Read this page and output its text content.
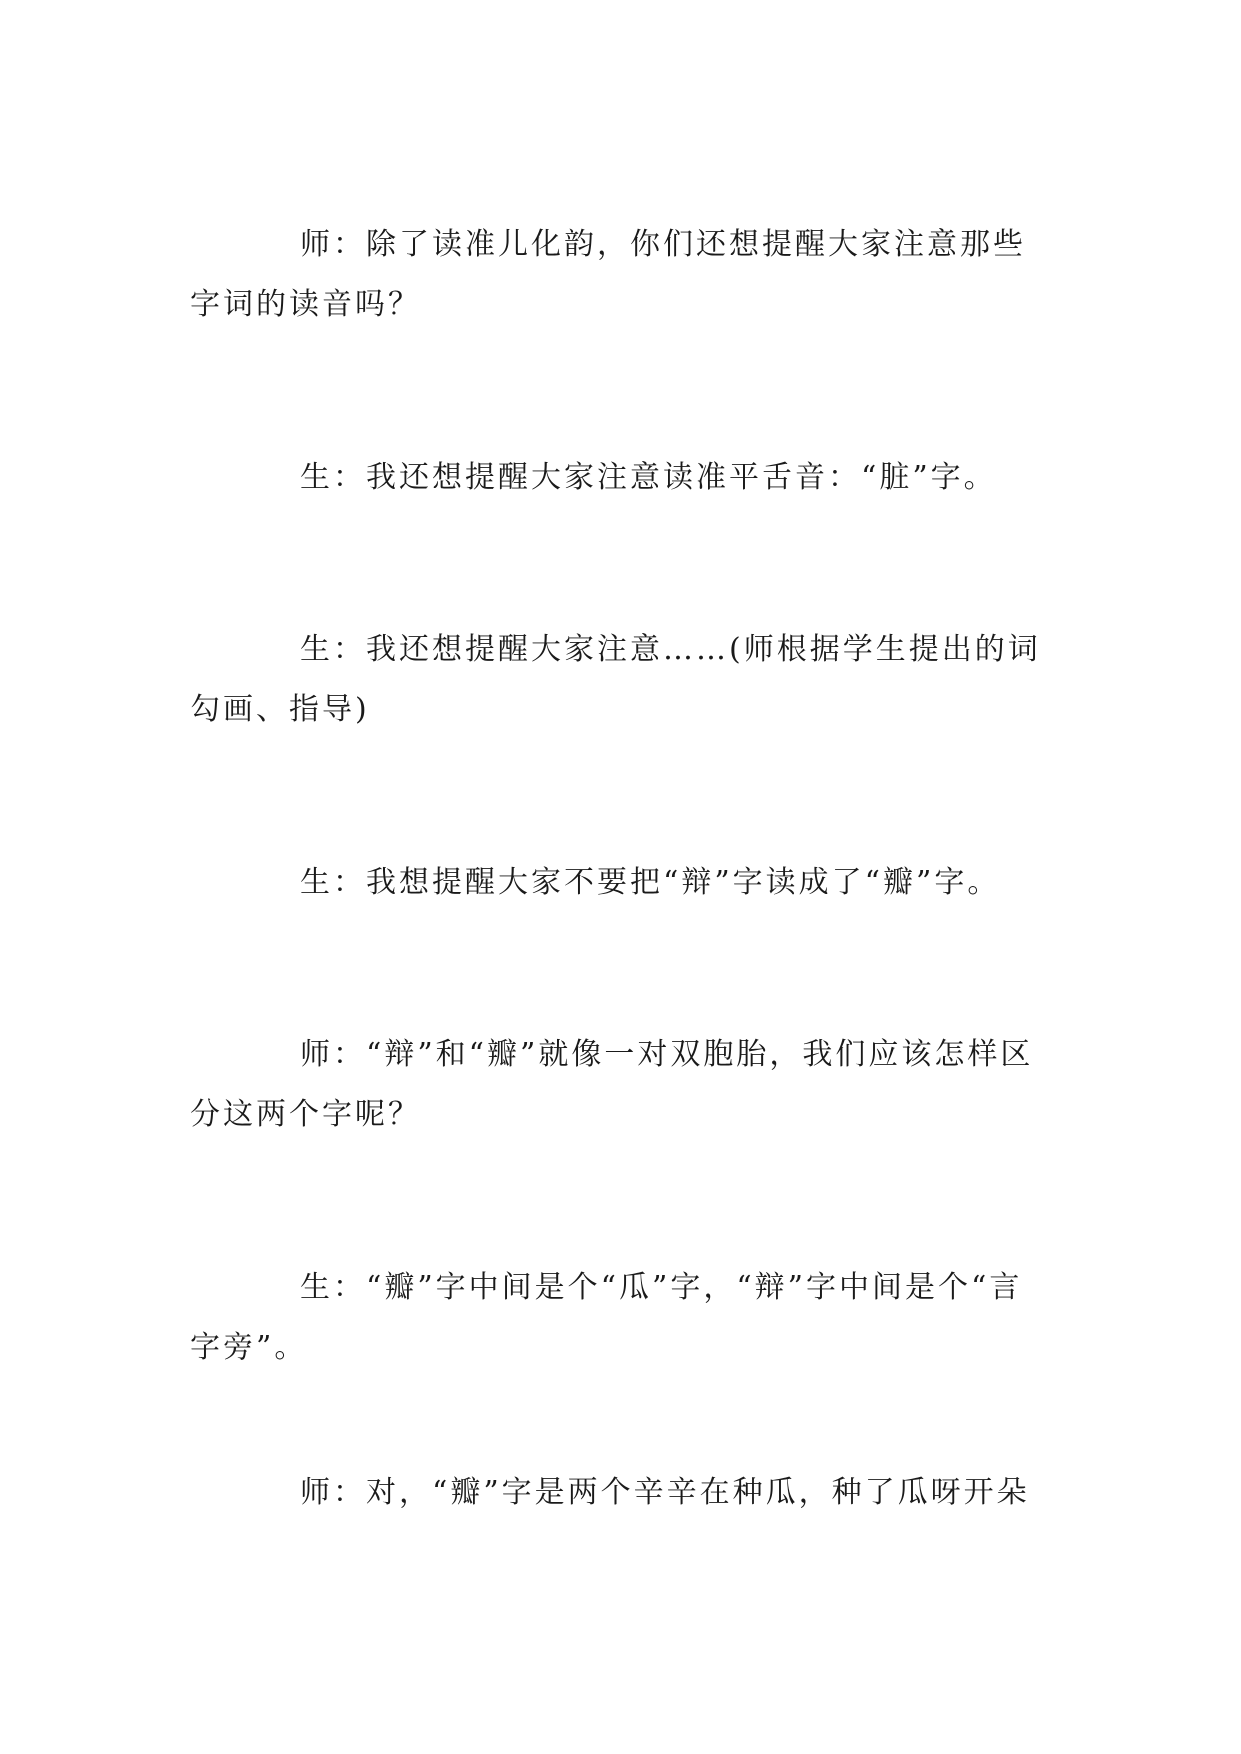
师：除了读准儿化韵，你们还想提醒大家注意那些字词的读音吗？

生：我还想提醒大家注意读准平舌音：“脏”字。

生：我还想提醒大家注意……(师根据学生提出的词勾画、指导)

生：我想提醒大家不要把“辩”字读成了“瓣”字。

师：“辩”和“瓣”就像一对双胞胎，我们应该怎样区分这两个字呢？

生：“瓣”字中间是个“瓜”字，“辩”字中间是个“言字旁”。

师：对，“瓣”字是两个辛辛在种瓜，种了瓜呀开朵
